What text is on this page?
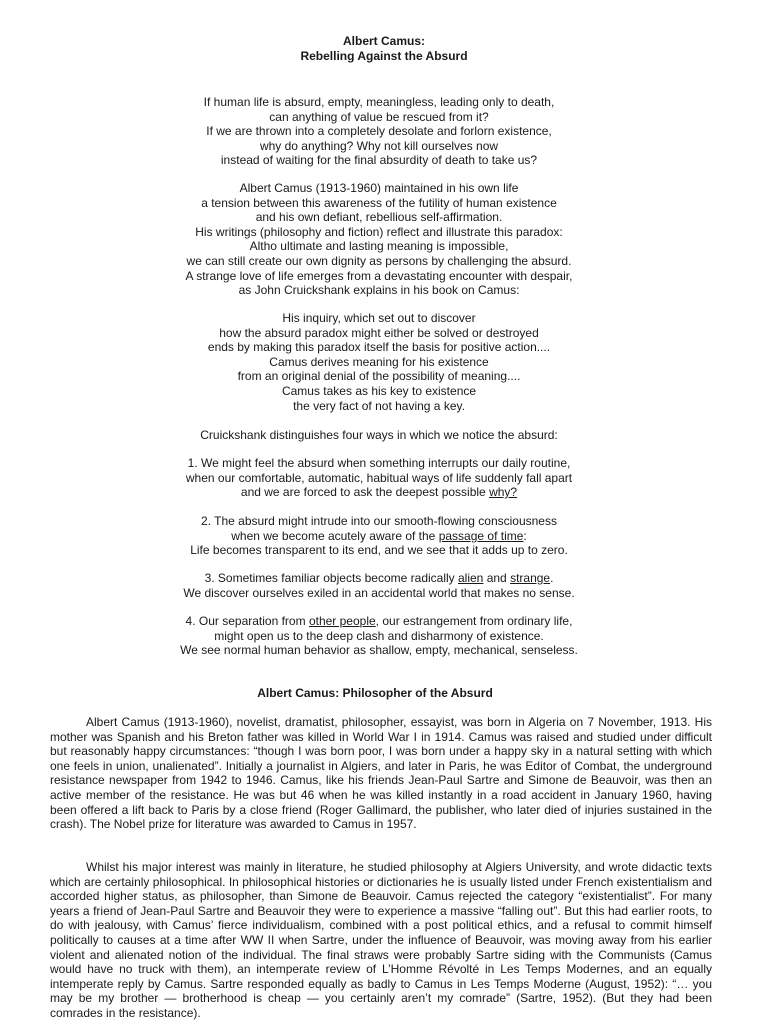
Albert Camus:
Rebelling Against the Absurd
If human life is absurd, empty, meaningless, leading only to death,
can anything of value be rescued from it?
If we are thrown into a completely desolate and forlorn existence,
why do anything? Why not kill ourselves now
instead of waiting for the final absurdity of death to take us?
Albert Camus (1913-1960) maintained in his own life
a tension between this awareness of the futility of human existence
and his own defiant, rebellious self-affirmation.
His writings (philosophy and fiction) reflect and illustrate this paradox:
Altho ultimate and lasting meaning is impossible,
we can still create our own dignity as persons by challenging the absurd.
A strange love of life emerges from a devastating encounter with despair,
as John Cruickshank explains in his book on Camus:
His inquiry, which set out to discover
how the absurd paradox might either be solved or destroyed
ends by making this paradox itself the basis for positive action....
Camus derives meaning for his existence
from an original denial of the possibility of meaning....
Camus takes as his key to existence
the very fact of not having a key.
Cruickshank distinguishes four ways in which we notice the absurd:
1. We might feel the absurd when something interrupts our daily routine,
when our comfortable, automatic, habitual ways of life suddenly fall apart
and we are forced to ask the deepest possible why?
2. The absurd might intrude into our smooth-flowing consciousness
when we become acutely aware of the passage of time:
Life becomes transparent to its end, and we see that it adds up to zero.
3. Sometimes familiar objects become radically alien and strange.
We discover ourselves exiled in an accidental world that makes no sense.
4. Our separation from other people, our estrangement from ordinary life,
might open us to the deep clash and disharmony of existence.
We see normal human behavior as shallow, empty, mechanical, senseless.
Albert Camus: Philosopher of the Absurd
Albert Camus (1913-1960), novelist, dramatist, philosopher, essayist, was born in Algeria on 7 November, 1913. His mother was Spanish and his Breton father was killed in World War I in 1914. Camus was raised and studied under difficult but reasonably happy circumstances: “though I was born poor, I was born under a happy sky in a natural setting with which one feels in union, unalienated”. Initially a journalist in Algiers, and later in Paris, he was Editor of Combat, the underground resistance newspaper from 1942 to 1946. Camus, like his friends Jean-Paul Sartre and Simone de Beauvoir, was then an active member of the resistance. He was but 46 when he was killed instantly in a road accident in January 1960, having been offered a lift back to Paris by a close friend (Roger Gallimard, the publisher, who later died of injuries sustained in the crash). The Nobel prize for literature was awarded to Camus in 1957.
Whilst his major interest was mainly in literature, he studied philosophy at Algiers University, and wrote didactic texts which are certainly philosophical. In philosophical histories or dictionaries he is usually listed under French existentialism and accorded higher status, as philosopher, than Simone de Beauvoir. Camus rejected the category “existentialist”. For many years a friend of Jean-Paul Sartre and Beauvoir they were to experience a massive “falling out”. But this had earlier roots, to do with jealousy, with Camus’ fierce individualism, combined with a post political ethics, and a refusal to commit himself politically to causes at a time after WW II when Sartre, under the influence of Beauvoir, was moving away from his earlier violent and alienated notion of the individual. The final straws were probably Sartre siding with the Communists (Camus would have no truck with them), an intemperate review of L’Homme Révolté in Les Temps Modernes, and an equally intemperate reply by Camus. Sartre responded equally as badly to Camus in Les Temps Moderne (August, 1952): “… you may be my brother — brotherhood is cheap — you certainly aren’t my comrade” (Sartre, 1952). (But they had been comrades in the resistance).
